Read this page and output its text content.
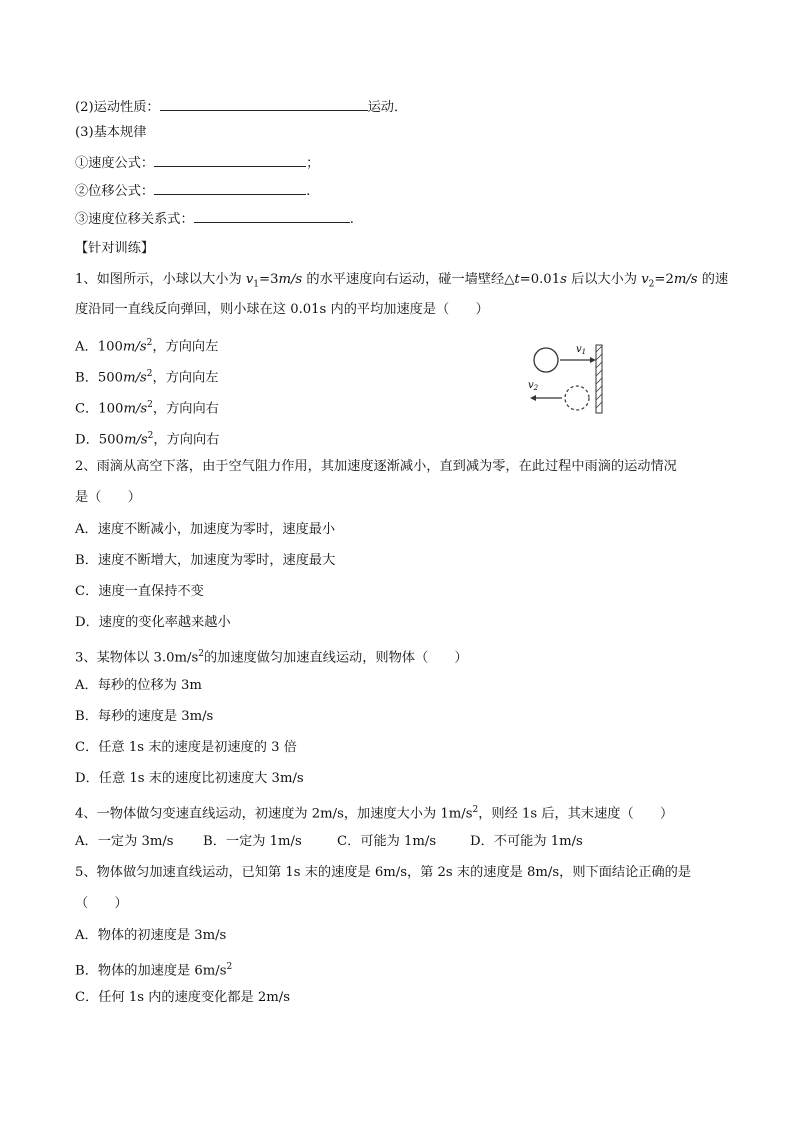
(2)运动性质：	运动．
(3)基本规律
①速度公式：	；
②位移公式：	.
③速度位移关系式：	.
【针对训练】
1、如图所示，小球以大小为 $v_1=3m/s$ 的水平速度向右运动，碰一墙壁经△t=0.01s 后以大小为 $v_2=2m/s$ 的速
度沿同一直线反向弹回，则小球在这 0.01s 内的平均加速度是（　　）
A．$100m/s^2$，方向向左
B．$500m/s^2$，方向向左
C．$100m/s^2$，方向向右
D．$500m/s^2$，方向向右
$v_1$
$v_2$
2、雨滴从高空下落，由于空气阻力作用，其加速度逐渐减小，直到减为零，在此过程中雨滴的运动情况
是（　　）
A．速度不断减小，加速度为零时，速度最小
B．速度不断增大，加速度为零时，速度最大
C．速度一直保持不变
D．速度的变化率越来越小
3、某物体以 $3.0m/s^2$的加速度做匀加速直线运动，则物体（　　）
A．每秒的位移为 3m
B．每秒的速度是 3m/s
C．任意 1s 末的速度是初速度的 3 倍
D．任意 1s 末的速度比初速度大 3m/s
4、一物体做匀变速直线运动，初速度为 2m/s，加速度大小为 $1m/s^2$，则经 1s 后，其末速度（　　）
A．一定为 3m/s B．一定为 1m/s	C．可能为 1m/s	D．不可能为 1m/s
5、物体做匀加速直线运动，已知第 1s 末的速度是 6m/s，第 2s 末的速度是 8m/s，则下面结论正确的是
（　　）
A．物体的初速度是 3m/s
B．物体的加速度是 $6m/s^2$
C．任何 1s 内的速度变化都是 2m/s
